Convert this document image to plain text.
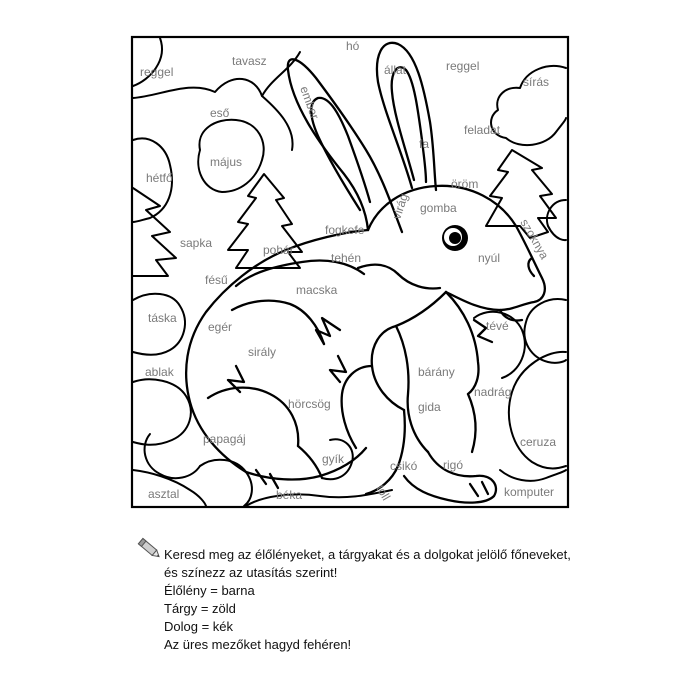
reggel
tavasz
hó
állat	reggel
sírás
eső	ember
feladat
fa
május
hétfő	öröm
virág gomba
szoknya
sapka
fogkefe
pohár
tehén	nyúl
fésű
macska
táska
egér	tévé
sirály
ablak	bárány
nadrág
hörcsög	gida
papagáj	ceruza
gyík	csikó rigó
asztal	béka	toll	komputer
Keresd meg az élőlényeket, a tárgyakat és a dolgokat jelölő főneveket,
és színezz az utasítás szerint!
Élőlény = barna
Tárgy = zöld
Dolog = kék
Az üres mezőket hagyd fehéren!
